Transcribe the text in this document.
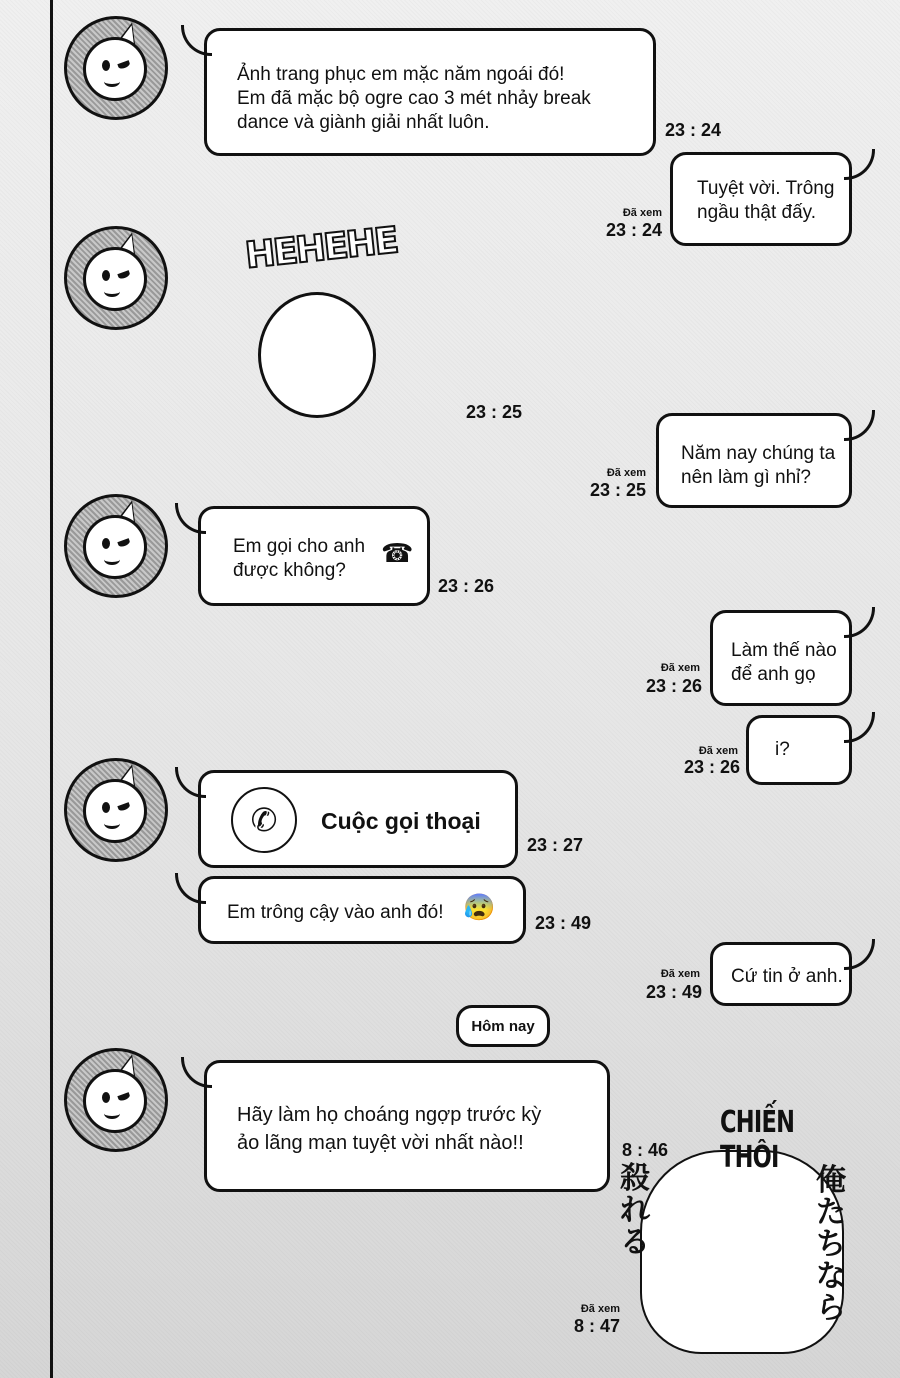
Ảnh trang phục em mặc năm ngoái đó!
Em đã mặc bộ ogre cao 3 mét nhảy break
dance và giành giải nhất luôn.	23 : 24
Đã xem
23 : 24
Tuyệt vời. Trông
ngầu thật đấy.
HEHEHE
23 : 25
Đã xem
23 : 25
Năm nay chúng ta
nên làm gì nhỉ?
Em gọi cho anh
được không?
☎
23 : 26
Đã xem
23 : 26
Làm thế nào
để anh gọ
Đã xem
23 : 26
i?
✆ Cuộc gọi thoại
23 : 27
Em trông cậy vào anh đó! 😰
23 : 49
Đã xem
23 : 49
Cứ tin ở anh.
Hôm nay
Hãy làm họ choáng ngợp trước kỳ
ảo lãng mạn tuyệt vời nhất nào!!	8 : 46
Đã xem
8 : 47
CHIẾN THÔI
殺れる
俺たちなら
